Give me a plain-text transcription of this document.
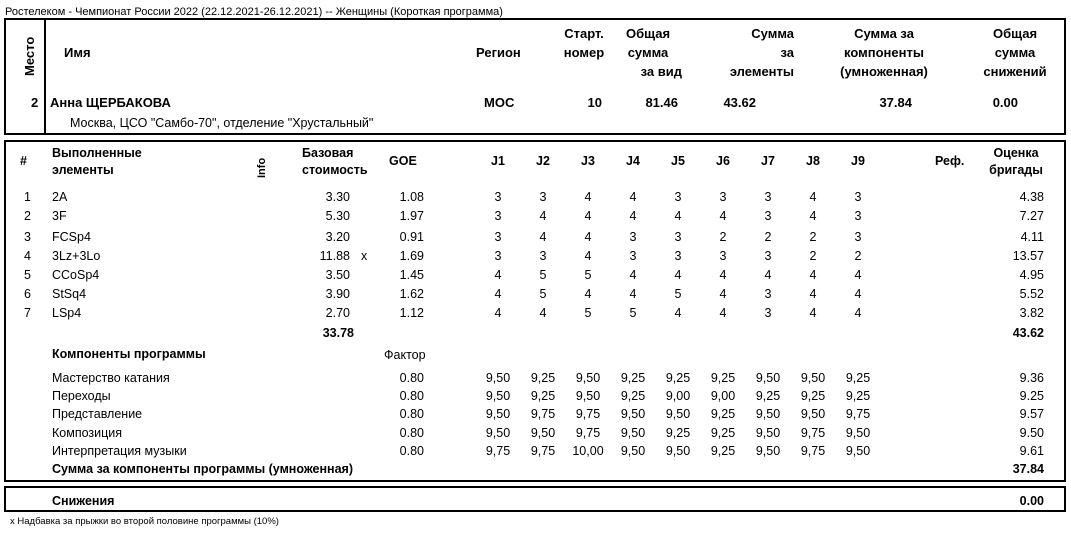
Ростелеком - Чемпионат России 2022 (22.12.2021-26.12.2021) -- Женщины (Короткая программа)
Место Имя	Регион
Старт.
номер
Общая
сумма
за вид
Сумма
за
элементы
Сумма за
компоненты
(умноженная)
Общая
сумма
снижений
2 Анна ЩЕРБАКОВА	МОС	10	81.46	43.62	37.84	0.00
Москва, ЦСО "Самбо-70", отделение "Хрустальный"
#
Выполненные
элементы	Info
Базовая
стоимость
GOE	J1	J2	J3	J4	J5	J6	J7	J8	J9	Реф.
Оценка
бригады
1 2A	3.30	1.08	3	3	4	4	3	3	3	4	3	4.38
2 3F	5.30	1.97	3	4	4	4	4	4	3	4	3	7.27
3 FCSp4	3.20	0.91	3	4	4	3	3	2	2	2	3	4.11
4 3Lz+3Lo	11.88 x	1.69	3	3	4	3	3	3	3	2	2	13.57
5 CCoSp4	3.50	1.45	4	5	5	4	4	4	4	4	4	4.95
6 StSq4	3.90	1.62	4	5	4	4	5	4	3	4	4	5.52
7 LSp4	2.70	1.12	4	4	5	5	4	4	3	4	4	3.82
33.78	43.62
Компоненты программы	Фактор
Мастерство катания	0.80	9,50	9,25	9,50	9,25	9,25	9,25	9,50	9,50	9,25	9.36
Переходы	0.80	9,50	9,25	9,50	9,25	9,00	9,00	9,25	9,25	9,25	9.25
Представление	0.80	9,50	9,75	9,75	9,50	9,50	9,25	9,50	9,50	9,75	9.57
Композиция	0.80	9,50	9,50	9,75	9,50	9,25	9,25	9,50	9,75	9,50	9.50
Интерпретация музыки	0.80	9,75	9,75	10,00	9,50	9,50	9,25	9,50	9,75	9,50	9.61
Сумма за компоненты программы (умноженная)	37.84
Снижения	0.00
x Надбавка за прыжки во второй половине программы (10%)
